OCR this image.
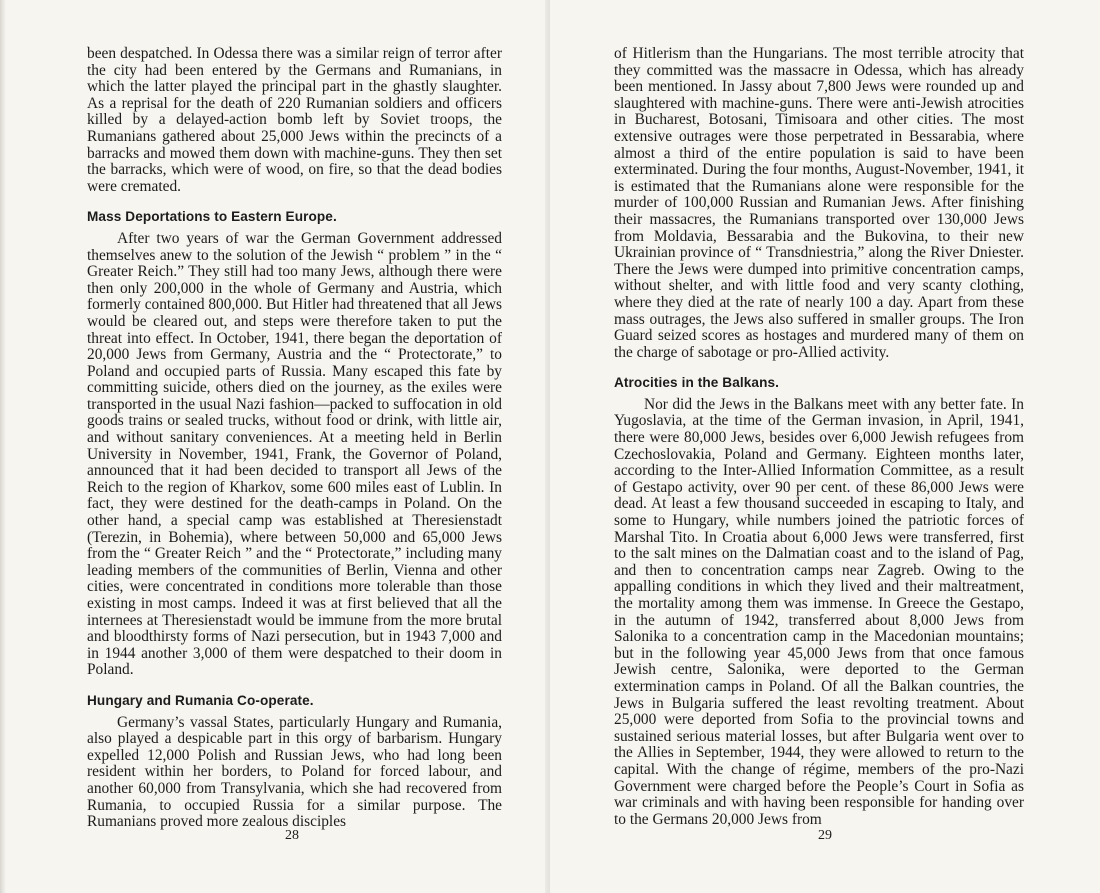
been despatched. In Odessa there was a similar reign of terror after the city had been entered by the Germans and Rumanians, in which the latter played the principal part in the ghastly slaughter. As a reprisal for the death of 220 Rumanian soldiers and officers killed by a delayed-action bomb left by Soviet troops, the Rumanians gathered about 25,000 Jews within the precincts of a barracks and mowed them down with machine-guns. They then set the barracks, which were of wood, on fire, so that the dead bodies were cremated.

Mass Deportations to Eastern Europe.

After two years of war the German Government addressed themselves anew to the solution of the Jewish “ problem ” in the “ Greater Reich.” They still had too many Jews, although there were then only 200,000 in the whole of Germany and Austria, which formerly contained 800,000. But Hitler had threatened that all Jews would be cleared out, and steps were therefore taken to put the threat into effect. In October, 1941, there began the deportation of 20,000 Jews from Germany, Austria and the “ Protectorate,” to Poland and occupied parts of Russia. Many escaped this fate by committing suicide, others died on the journey, as the exiles were transported in the usual Nazi fashion—packed to suffocation in old goods trains or sealed trucks, without food or drink, with little air, and without sanitary conveniences. At a meeting held in Berlin University in November, 1941, Frank, the Governor of Poland, announced that it had been decided to transport all Jews of the Reich to the region of Kharkov, some 600 miles east of Lublin. In fact, they were destined for the death-camps in Poland. On the other hand, a special camp was established at Theresienstadt (Terezin, in Bohemia), where between 50,000 and 65,000 Jews from the “ Greater Reich ” and the “ Protectorate,” including many leading members of the communities of Berlin, Vienna and other cities, were concentrated in conditions more tolerable than those existing in most camps. Indeed it was at first believed that all the internees at Theresienstadt would be immune from the more brutal and bloodthirsty forms of Nazi persecution, but in 1943 7,000 and in 1944 another 3,000 of them were despatched to their doom in Poland.

Hungary and Rumania Co-operate.

Germany’s vassal States, particularly Hungary and Rumania, also played a despicable part in this orgy of barbarism. Hungary expelled 12,000 Polish and Russian Jews, who had long been resident within her borders, to Poland for forced labour, and another 60,000 from Transylvania, which she had recovered from Rumania, to occupied Russia for a similar purpose. The Rumanians proved more zealous disciples

28

of Hitlerism than the Hungarians. The most terrible atrocity that they committed was the massacre in Odessa, which has already been mentioned. In Jassy about 7,800 Jews were rounded up and slaughtered with machine-guns. There were anti-Jewish atrocities in Bucharest, Botosani, Timisoara and other cities. The most extensive outrages were those perpetrated in Bessarabia, where almost a third of the entire population is said to have been exterminated. During the four months, August-November, 1941, it is estimated that the Rumanians alone were responsible for the murder of 100,000 Russian and Rumanian Jews. After finishing their massacres, the Rumanians transported over 130,000 Jews from Moldavia, Bessarabia and the Bukovina, to their new Ukrainian province of “ Transdniestria,” along the River Dniester. There the Jews were dumped into primitive concentration camps, without shelter, and with little food and very scanty clothing, where they died at the rate of nearly 100 a day. Apart from these mass outrages, the Jews also suffered in smaller groups. The Iron Guard seized scores as hostages and murdered many of them on the charge of sabotage or pro-Allied activity.

Atrocities in the Balkans.

Nor did the Jews in the Balkans meet with any better fate. In Yugoslavia, at the time of the German invasion, in April, 1941, there were 80,000 Jews, besides over 6,000 Jewish refugees from Czechoslovakia, Poland and Germany. Eighteen months later, according to the Inter-Allied Information Committee, as a result of Gestapo activity, over 90 per cent. of these 86,000 Jews were dead. At least a few thousand succeeded in escaping to Italy, and some to Hungary, while numbers joined the patriotic forces of Marshal Tito. In Croatia about 6,000 Jews were transferred, first to the salt mines on the Dalmatian coast and to the island of Pag, and then to concentration camps near Zagreb. Owing to the appalling conditions in which they lived and their maltreatment, the mortality among them was immense. In Greece the Gestapo, in the autumn of 1942, transferred about 8,000 Jews from Salonika to a concentration camp in the Macedonian mountains; but in the following year 45,000 Jews from that once famous Jewish centre, Salonika, were deported to the German extermination camps in Poland. Of all the Balkan countries, the Jews in Bulgaria suffered the least revolting treatment. About 25,000 were deported from Sofia to the provincial towns and sustained serious material losses, but after Bulgaria went over to the Allies in September, 1944, they were allowed to return to the capital. With the change of régime, members of the pro-Nazi Government were charged before the People’s Court in Sofia as war criminals and with having been responsible for handing over to the Germans 20,000 Jews from

29
